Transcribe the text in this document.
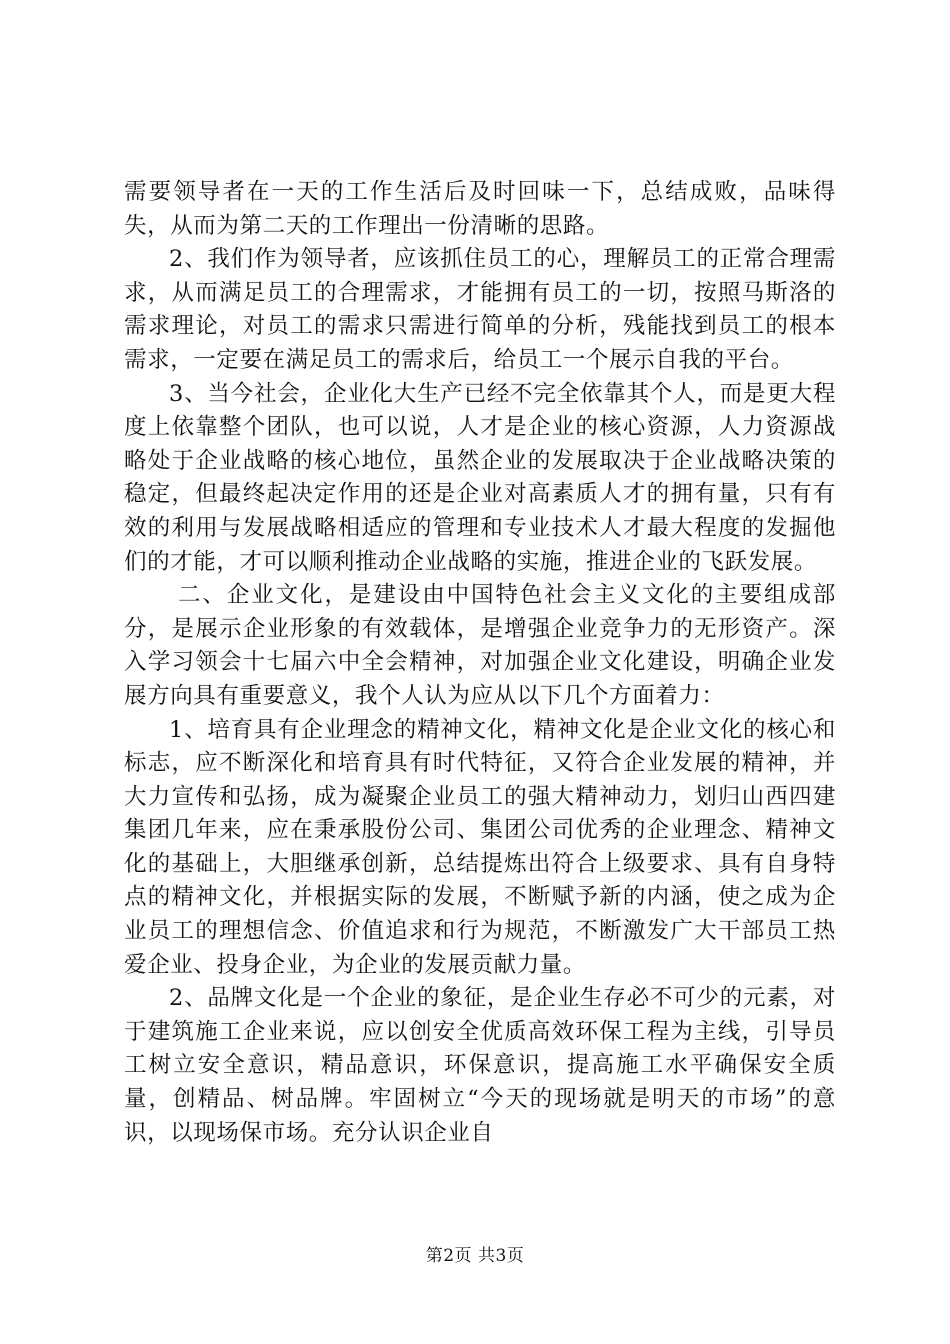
需要领导者在一天的工作生活后及时回味一下，总结成败，品味得失，从而为第二天的工作理出一份清晰的思路。

2、我们作为领导者，应该抓住员工的心，理解员工的正常合理需求，从而满足员工的合理需求，才能拥有员工的一切，按照马斯洛的需求理论，对员工的需求只需进行简单的分析，残能找到员工的根本需求，一定要在满足员工的需求后，给员工一个展示自我的平台。

3、当今社会，企业化大生产已经不完全依靠其个人，而是更大程度上依靠整个团队，也可以说，人才是企业的核心资源，人力资源战略处于企业战略的核心地位，虽然企业的发展取决于企业战略决策的稳定，但最终起决定作用的还是企业对高素质人才的拥有量，只有有效的利用与发展战略相适应的管理和专业技术人才最大程度的发掘他们的才能，才可以顺利推动企业战略的实施，推进企业的飞跃发展。

二、企业文化，是建设由中国特色社会主义文化的主要组成部分，是展示企业形象的有效载体，是增强企业竞争力的无形资产。深入学习领会十七届六中全会精神，对加强企业文化建设，明确企业发展方向具有重要意义，我个人认为应从以下几个方面着力：

1、培育具有企业理念的精神文化，精神文化是企业文化的核心和标志，应不断深化和培育具有时代特征，又符合企业发展的精神，并大力宣传和弘扬，成为凝聚企业员工的强大精神动力，划归山西四建集团几年来，应在秉承股份公司、集团公司优秀的企业理念、精神文化的基础上，大胆继承创新，总结提炼出符合上级要求、具有自身特点的精神文化，并根据实际的发展，不断赋予新的内涵，使之成为企业员工的理想信念、价值追求和行为规范，不断激发广大干部员工热爱企业、投身企业，为企业的发展贡献力量。

2、品牌文化是一个企业的象征，是企业生存必不可少的元素，对于建筑施工企业来说，应以创安全优质高效环保工程为主线，引导员工树立安全意识，精品意识，环保意识，提高施工水平确保安全质量，创精品、树品牌。牢固树立“今天的现场就是明天的市场”的意识，以现场保市场。充分认识企业自

第2页 共3页
